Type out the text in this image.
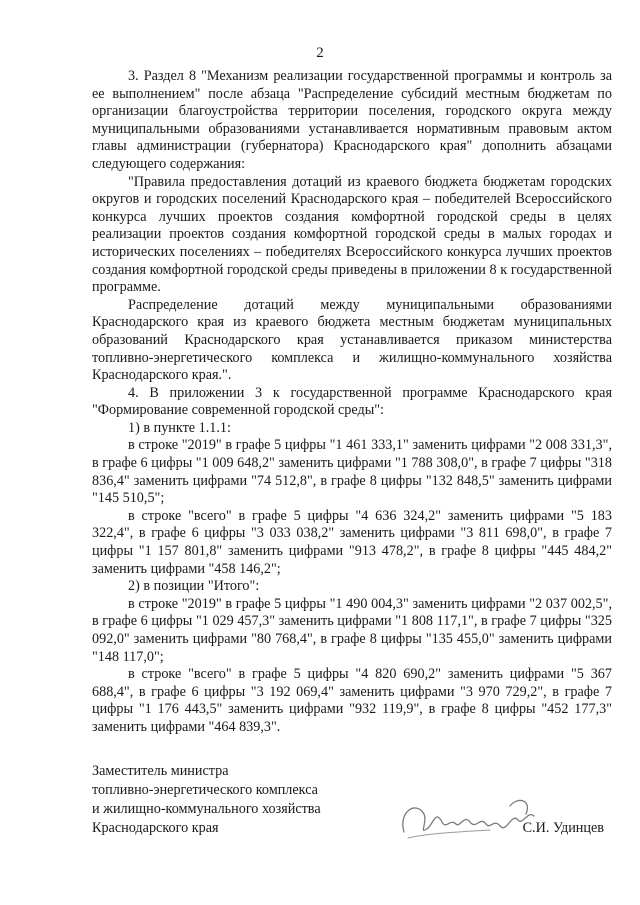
2

3. Раздел 8 "Механизм реализации государственной программы и контроль за ее выполнением" после абзаца "Распределение субсидий местным бюджетам по организации благоустройства территории поселения, городского округа между муниципальными образованиями устанавливается нормативным правовым актом главы администрации (губернатора) Краснодарского края" дополнить абзацами следующего содержания:

"Правила предоставления дотаций из краевого бюджета бюджетам городских округов и городских поселений Краснодарского края – победителей Всероссийского конкурса лучших проектов создания комфортной городской среды в целях реализации проектов создания комфортной городской среды в малых городах и исторических поселениях – победителях Всероссийского конкурса лучших проектов создания комфортной городской среды приведены в приложении 8 к государственной программе.

Распределение дотаций между муниципальными образованиями Краснодарского края из краевого бюджета местным бюджетам муниципальных образований Краснодарского края устанавливается приказом министерства топливно-энергетического комплекса и жилищно-коммунального хозяйства Краснодарского края.".

4. В приложении 3 к государственной программе Краснодарского края "Формирование современной городской среды":

1) в пункте 1.1.1:

в строке "2019" в графе 5 цифры "1 461 333,1" заменить цифрами "2 008 331,3", в графе 6 цифры "1 009 648,2" заменить цифрами "1 788 308,0", в графе 7 цифры "318 836,4" заменить цифрами "74 512,8", в графе 8 цифры "132 848,5" заменить цифрами "145 510,5";

в строке "всего" в графе 5 цифры "4 636 324,2" заменить цифрами "5 183 322,4", в графе 6 цифры "3 033 038,2" заменить цифрами "3 811 698,0", в графе 7 цифры "1 157 801,8" заменить цифрами "913 478,2", в графе 8 цифры "445 484,2" заменить цифрами "458 146,2";

2) в позиции "Итого":

в строке "2019" в графе 5 цифры "1 490 004,3" заменить цифрами "2 037 002,5", в графе 6 цифры "1 029 457,3" заменить цифрами "1 808 117,1", в графе 7 цифры "325 092,0" заменить цифрами "80 768,4", в графе 8 цифры "135 455,0" заменить цифрами "148 117,0";

в строке "всего" в графе 5 цифры "4 820 690,2" заменить цифрами "5 367 688,4", в графе 6 цифры "3 192 069,4" заменить цифрами "3 970 729,2", в графе 7 цифры "1 176 443,5" заменить цифрами "932 119,9", в графе 8 цифры "452 177,3" заменить цифрами "464 839,3".

Заместитель министра
топливно-энергетического комплекса
и жилищно-коммунального хозяйства
Краснодарского края	С.И. Удинцев
